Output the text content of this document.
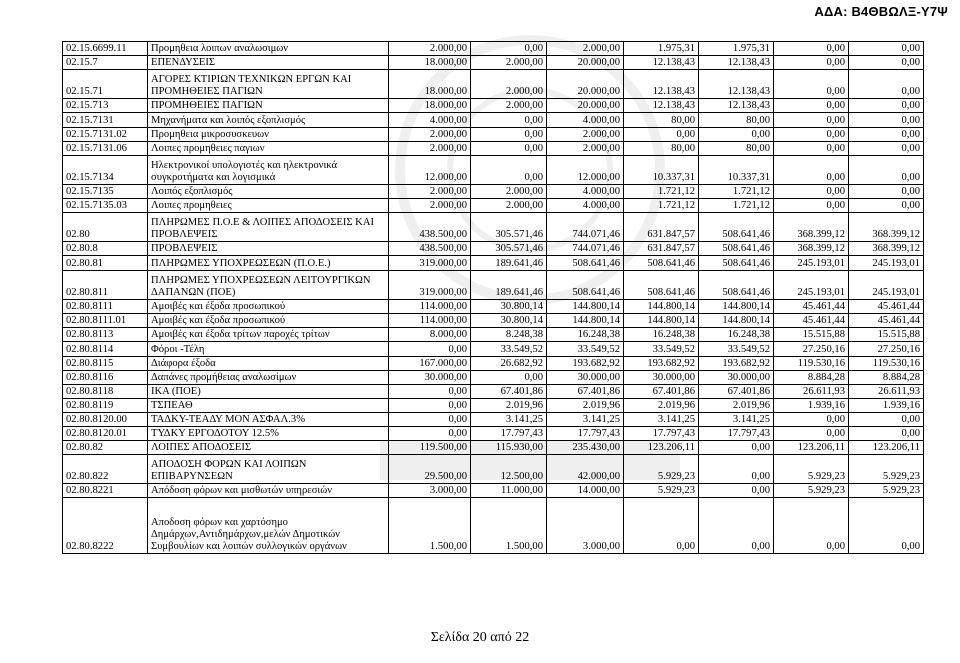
ΑΔΑ: Β4ΘΒΩΛΞ-Υ7Ψ
02.15.6699.11	Προμηθεια λοιπων αναλωσιμων	2.000,00	0,00	2.000,00	1.975,31	1.975,31	0,00	0,00
02.15.7	ΕΠΕΝΔΥΣΕΙΣ	18.000,00	2.000,00	20.000,00	12.138,43	12.138,43	0,00	0,00
02.15.71	ΑΓΟΡΕΣ ΚΤΙΡΙΩΝ ΤΕΧΝΙΚΩΝ ΕΡΓΩΝ ΚΑΙ ΠΡΟΜΗΘΕΙΕΣ ΠΑΓΙΩΝ	18.000,00	2.000,00	20.000,00	12.138,43	12.138,43	0,00	0,00
02.15.713	ΠΡΟΜΗΘΕΙΕΣ ΠΑΓΙΩΝ	18.000,00	2.000,00	20.000,00	12.138,43	12.138,43	0,00	0,00
02.15.7131	Μηχανήματα και λοιπός εξοπλισμός	4.000,00	0,00	4.000,00	80,00	80,00	0,00	0,00
02.15.7131.02	Προμηθεια μικροσυσκευων	2.000,00	0,00	2.000,00	0,00	0,00	0,00	0,00
02.15.7131.06	Λοιπες προμηθειες παγιων	2.000,00	0,00	2.000,00	80,00	80,00	0,00	0,00
02.15.7134	Ηλεκτρονικοί υπολογιστές και ηλεκτρονικά συγκροτήματα και λογισμικά	12.000,00	0,00	12.000,00	10.337,31	10.337,31	0,00	0,00
02.15.7135	Λοιπός εξοπλισμός	2.000,00	2.000,00	4.000,00	1.721,12	1.721,12	0,00	0,00
02.15.7135.03	Λοιπες προμηθειες	2.000,00	2.000,00	4.000,00	1.721,12	1.721,12	0,00	0,00
02.80	ΠΛΗΡΩΜΕΣ Π.Ο.Ε & ΛΟΙΠΕΣ ΑΠΟΔΟΣΕΙΣ ΚΑΙ ΠΡΟΒΛΕΨΕΙΣ	438.500,00	305.571,46	744.071,46	631.847,57	508.641,46	368.399,12	368.399,12
02.80.8	ΠΡΟΒΛΕΨΕΙΣ	438.500,00	305.571,46	744.071,46	631.847,57	508.641,46	368.399,12	368.399,12
02.80.81	ΠΛΗΡΩΜΕΣ ΥΠΟΧΡΕΩΣΕΩΝ (Π.Ο.Ε.)	319.000,00	189.641,46	508.641,46	508.641,46	508.641,46	245.193,01	245.193,01
02.80.811	ΠΛΗΡΩΜΕΣ ΥΠΟΧΡΕΩΣΕΩΝ ΛΕΙΤΟΥΡΓΙΚΩΝ ΔΑΠΑΝΩΝ (ΠΟΕ)	319.000,00	189.641,46	508.641,46	508.641,46	508.641,46	245.193,01	245.193,01
02.80.8111	Αμοιβές και έξοδα προσωπικού	114.000,00	30.800,14	144.800,14	144.800,14	144.800,14	45.461,44	45.461,44
02.80.8111.01	Αμοιβές και έξοδα προσωπικού	114.000,00	30.800,14	144.800,14	144.800,14	144.800,14	45.461,44	45.461,44
02.80.8113	Αμοιβές και έξοδα τρίτων παροχές τρίτων	8.000,00	8.248,38	16.248,38	16.248,38	16.248,38	15.515,88	15.515,88
02.80.8114	Φόροι -Τέλη	0,00	33.549,52	33.549,52	33.549,52	33.549,52	27.250,16	27.250,16
02.80.8115	Διάφορα έξοδα	167.000,00	26.682,92	193.682,92	193.682,92	193.682,92	119.530,16	119.530,16
02.80.8116	Δαπάνες προμήθειας αναλωσίμων	30.000,00	0,00	30.000,00	30.000,00	30.000,00	8.884,28	8.884,28
02.80.8118	ΙΚΑ (ΠΟΕ)	0,00	67.401,86	67.401,86	67.401,86	67.401,86	26.611,93	26.611,93
02.80.8119	ΤΣΠΕΑΘ	0,00	2.019,96	2.019,96	2.019,96	2.019,96	1.939,16	1.939,16
02.80.8120.00	ΤΑΔΚΥ-ΤΕΑΔΥ ΜΟΝ ΑΣΦΑΛ.3%	0,00	3.141,25	3.141,25	3.141,25	3.141,25	0,00	0,00
02.80.8120.01	ΤΥΔΚΥ ΕΡΓΟΔΟΤΟΥ 12.5%	0,00	17.797,43	17.797,43	17.797,43	17.797,43	0,00	0,00
02.80.82	ΛΟΙΠΕΣ ΑΠΟΔΟΣΕΙΣ	119.500,00	115.930,00	235.430,00	123.206,11	0,00	123.206,11	123.206,11
02.80.822	ΑΠΟΔΟΣΗ ΦΟΡΩΝ ΚΑΙ ΛΟΙΠΩΝ ΕΠΙΒΑΡΥΝΣΕΩΝ	29.500,00	12.500,00	42.000,00	5.929,23	0,00	5.929,23	5.929,23
02.80.8221	Απόδοση φόρων και μισθωτών υπηρεσιών	3.000,00	11.000,00	14.000,00	5.929,23	0,00	5.929,23	5.929,23
02.80.8222	Αποδοση φόρων και χαρτόσημο Δημάρχων,Αντιδημάρχων,μελών Δημοτικών Συμβουλίων και λοιπών συλλογικών οργάνων	1.500,00	1.500,00	3.000,00	0,00	0,00	0,00	0,00
Σελίδα 20 από 22
